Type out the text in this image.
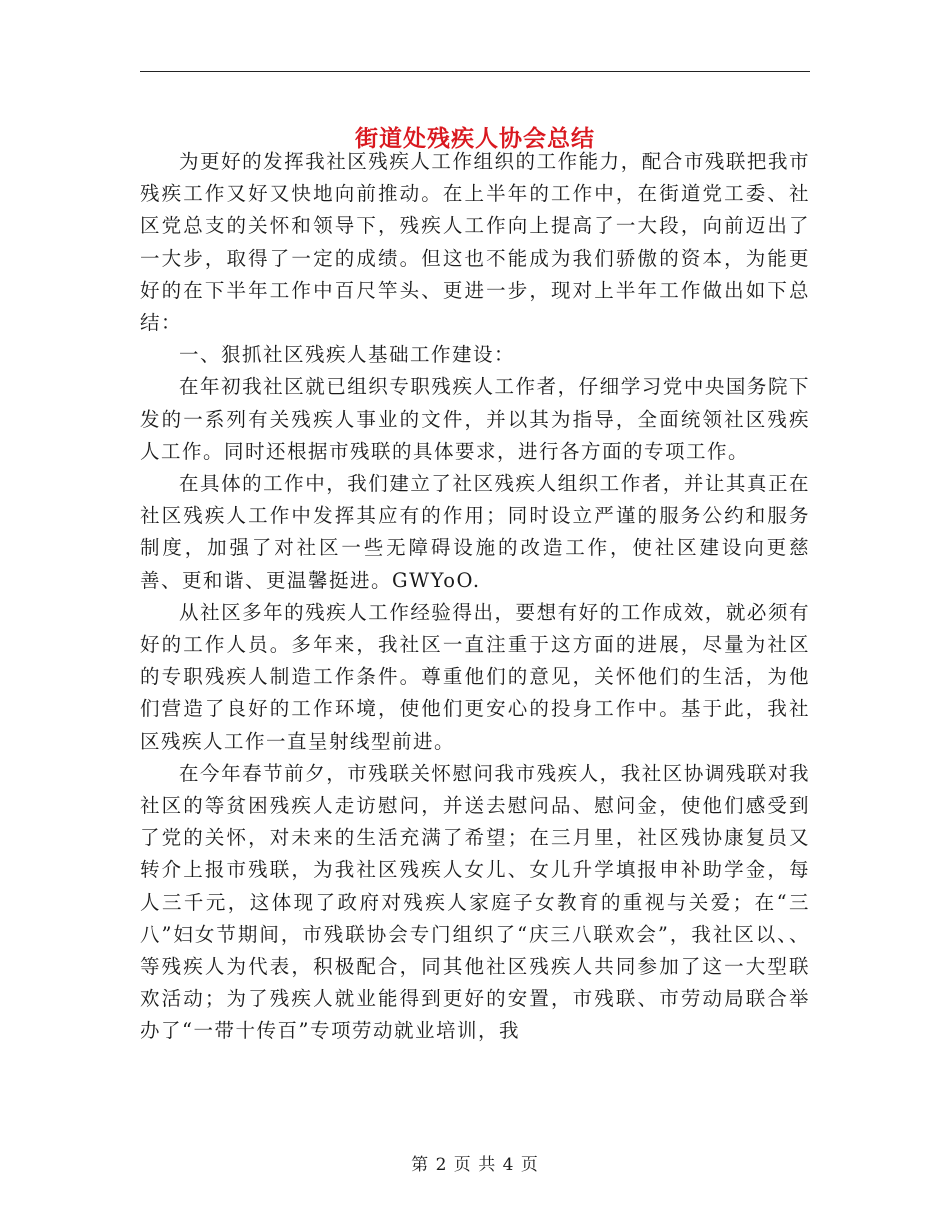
街道处残疾人协会总结

为更好的发挥我社区残疾人工作组织的工作能力，配合市残联把我市残疾工作又好又快地向前推动。在上半年的工作中，在街道党工委、社区党总支的关怀和领导下，残疾人工作向上提高了一大段，向前迈出了一大步，取得了一定的成绩。但这也不能成为我们骄傲的资本，为能更好的在下半年工作中百尺竿头、更进一步，现对上半年工作做出如下总结：

一、狠抓社区残疾人基础工作建设：

在年初我社区就已组织专职残疾人工作者，仔细学习党中央国务院下发的一系列有关残疾人事业的文件，并以其为指导，全面统领社区残疾人工作。同时还根据市残联的具体要求，进行各方面的专项工作。

在具体的工作中，我们建立了社区残疾人组织工作者，并让其真正在社区残疾人工作中发挥其应有的作用；同时设立严谨的服务公约和服务制度，加强了对社区一些无障碍设施的改造工作，使社区建设向更慈善、更和谐、更温馨挺进。GWYoO.

从社区多年的残疾人工作经验得出，要想有好的工作成效，就必须有好的工作人员。多年来，我社区一直注重于这方面的进展，尽量为社区的专职残疾人制造工作条件。尊重他们的意见，关怀他们的生活，为他们营造了良好的工作环境，使他们更安心的投身工作中。基于此，我社区残疾人工作一直呈射线型前进。

在今年春节前夕，市残联关怀慰问我市残疾人，我社区协调残联对我社区的等贫困残疾人走访慰问，并送去慰问品、慰问金，使他们感受到了党的关怀，对未来的生活充满了希望；在三月里，社区残协康复员又转介上报市残联，为我社区残疾人女儿、女儿升学填报申补助学金，每人三千元，这体现了政府对残疾人家庭子女教育的重视与关爱；在“三八”妇女节期间，市残联协会专门组织了“庆三八联欢会”，我社区以、、等残疾人为代表，积极配合，同其他社区残疾人共同参加了这一大型联欢活动；为了残疾人就业能得到更好的安置，市残联、市劳动局联合举办了“一带十传百”专项劳动就业培训，我

第 2 页 共 4 页
